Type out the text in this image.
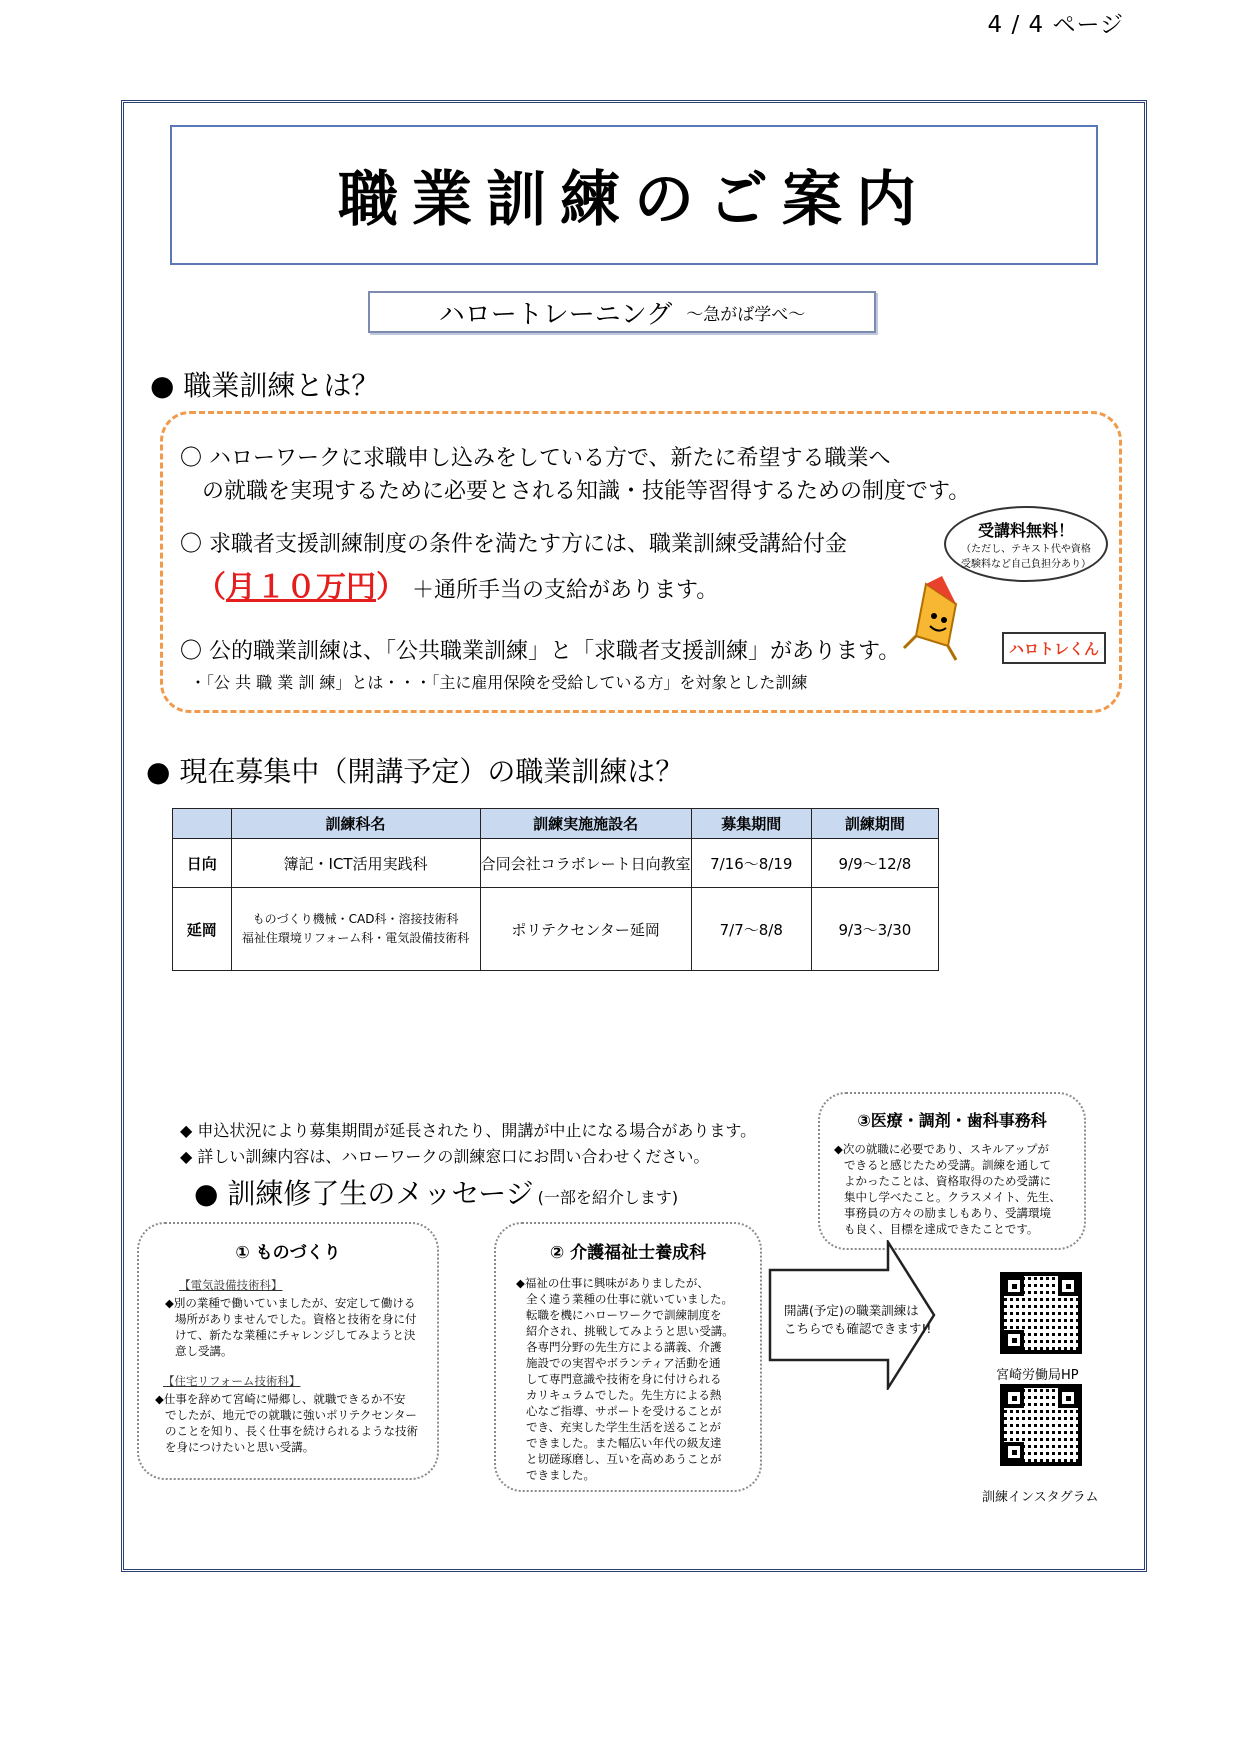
4 / 4 ページ
職業訓練のご案内
ハロートレーニング ～急がば学べ～
● 職業訓練とは？
〇 ハローワークに求職申し込みをしている方で、新たに希望する職業へ
の就職を実現するために必要とされる知識・技能等習得するための制度です。
〇 求職者支援訓練制度の条件を満たす方には、職業訓練受講給付金
（ 月１０万円 ） ＋通所手当の支給があります。
〇 公的職業訓練は、「公共職業訓練」と「求職者支援訓練」があります。
・「公 共 職 業 訓 練」とは・・・「主に雇用保険を受給している方」を対象とした訓練
受講料無料！
（ただし、テキスト代や資格
受験料など自己負担分あり）
ハロトレくん
● 現在募集中（開講予定）の職業訓練は？
	訓練科名	訓練実施施設名	募集期間	訓練期間
日向	簿記・ICT活用実践科	合同会社コラボレート日向教室	7/16～8/19	9/9～12/8
延岡	ものづくり機械・CAD科・溶接技術科
福祉住環境リフォーム科・電気設備技術科	ポリテクセンター延岡	7/7～8/8	9/3～3/30
◆ 申込状況により募集期間が延長されたり、開講が中止になる場合があります。
◆ 詳しい訓練内容は、ハローワークの訓練窓口にお問い合わせください。
● 訓練修了生のメッセージ (一部を紹介します)
① ものづくり
【電気設備技術科】
◆別の業種で働いていましたが、安定して働ける
場所がありませんでした。資格と技術を身に付
けて、新たな業種にチャレンジしてみようと決
意し受講。
【住宅リフォーム技術科】
◆仕事を辞めて宮崎に帰郷し、就職できるか不安
でしたが、地元での就職に強いポリテクセンター
のことを知り、長く仕事を続けられるような技術
を身につけたいと思い受講。
② 介護福祉士養成科
◆福祉の仕事に興味がありましたが、
全く違う業種の仕事に就いていました。
転職を機にハローワークで訓練制度を
紹介され、挑戦してみようと思い受講。
各専門分野の先生方による講義、介護
施設での実習やボランティア活動を通
して専門意識や技術を身に付けられる
カリキュラムでした。先生方による熱
心なご指導、サポートを受けることが
でき、充実した学生生活を送ることが
できました。また幅広い年代の級友達
と切磋琢磨し、互いを高めあうことが
できました。
③医療・調剤・歯科事務科
◆次の就職に必要であり、スキルアップが
できると感じたため受講。訓練を通して
よかったことは、資格取得のため受講に
集中し学べたこと。クラスメイト、先生、
事務員の方々の励ましもあり、受講環境
も良く、目標を達成できたことです。
開講(予定)の職業訓練は
こちらでも確認できます!!
宮崎労働局HP
訓練インスタグラム
